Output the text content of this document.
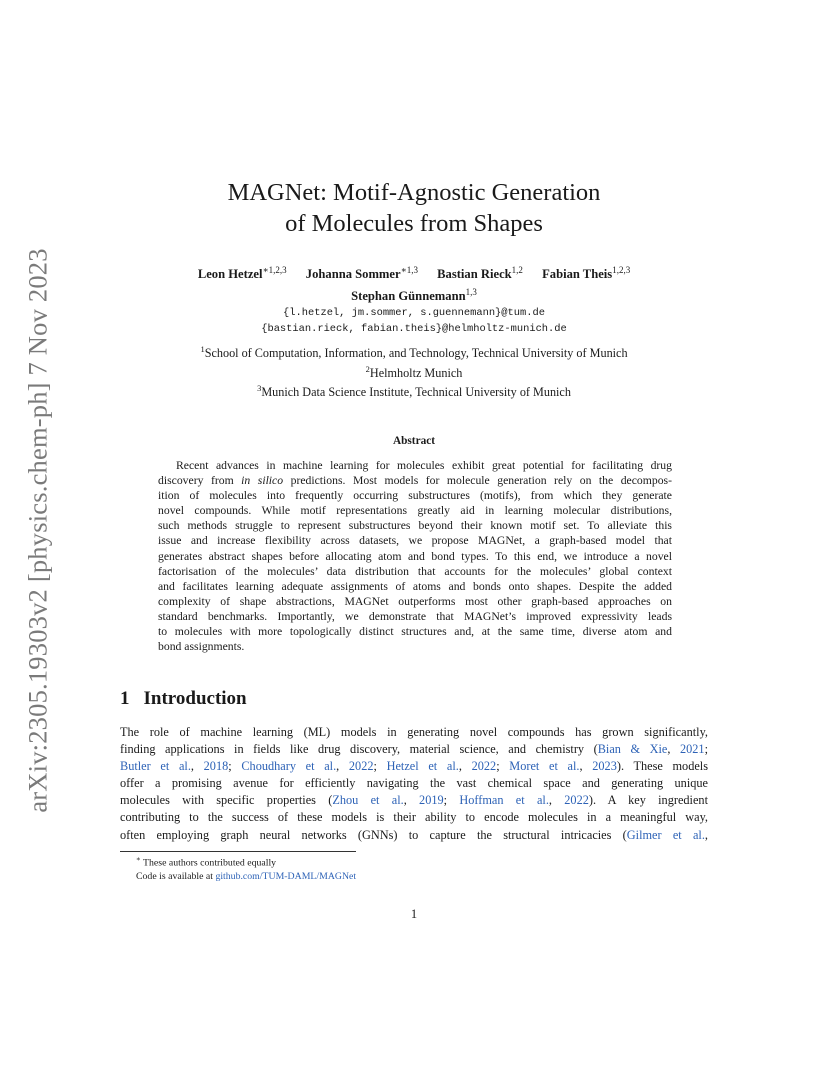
arXiv:2305.19303v2 [physics.chem-ph] 7 Nov 2023
MAGNet: Motif-Agnostic Generation
of Molecules from Shapes
Leon Hetzel$^{∗1,2,3}$ Johanna Sommer$^{∗1,3}$ Bastian Rieck$^{1,2}$ Fabian Theis$^{1,2,3}$
Stephan Günnemann$^{1,3}$
{l.hetzel, jm.sommer, s.guennemann}@tum.de
{bastian.rieck, fabian.theis}@helmholtz-munich.de
$^1$School of Computation, Information, and Technology, Technical University of Munich
$^2$Helmholtz Munich
$^3$Munich Data Science Institute, Technical University of Munich
Abstract

Recent advances in machine learning for molecules exhibit great potential for facilitating drug
discovery from in silico predictions. Most models for molecule generation rely on the decompos-
ition of molecules into frequently occurring substructures (motifs), from which they generate
novel compounds. While motif representations greatly aid in learning molecular distributions,
such methods struggle to represent substructures beyond their known motif set. To alleviate this
issue and increase flexibility across datasets, we propose MAGNet, a graph-based model that
generates abstract shapes before allocating atom and bond types. To this end, we introduce a novel
factorisation of the molecules’ data distribution that accounts for the molecules’ global context
and facilitates learning adequate assignments of atoms and bonds onto shapes. Despite the added
complexity of shape abstractions, MAGNet outperforms most other graph-based approaches on
standard benchmarks. Importantly, we demonstrate that MAGNet’s improved expressivity leads
to molecules with more topologically distinct structures and, at the same time, diverse atom and
bond assignments.

1 Introduction

The role of machine learning (ML) models in generating novel compounds has grown significantly,
finding applications in fields like drug discovery, material science, and chemistry (Bian & Xie, 2021;
Butler et al., 2018; Choudhary et al., 2022; Hetzel et al., 2022; Moret et al., 2023). These models
offer a promising avenue for efficiently navigating the vast chemical space and generating unique
molecules with specific properties (Zhou et al., 2019; Hoffman et al., 2022). A key ingredient
contributing to the success of these models is their ability to encode molecules in a meaningful way,
often employing graph neural networks (GNNs) to capture the structural intricacies (Gilmer et al.,

∗ These authors contributed equally
Code is available at github.com/TUM-DAML/MAGNet
1
